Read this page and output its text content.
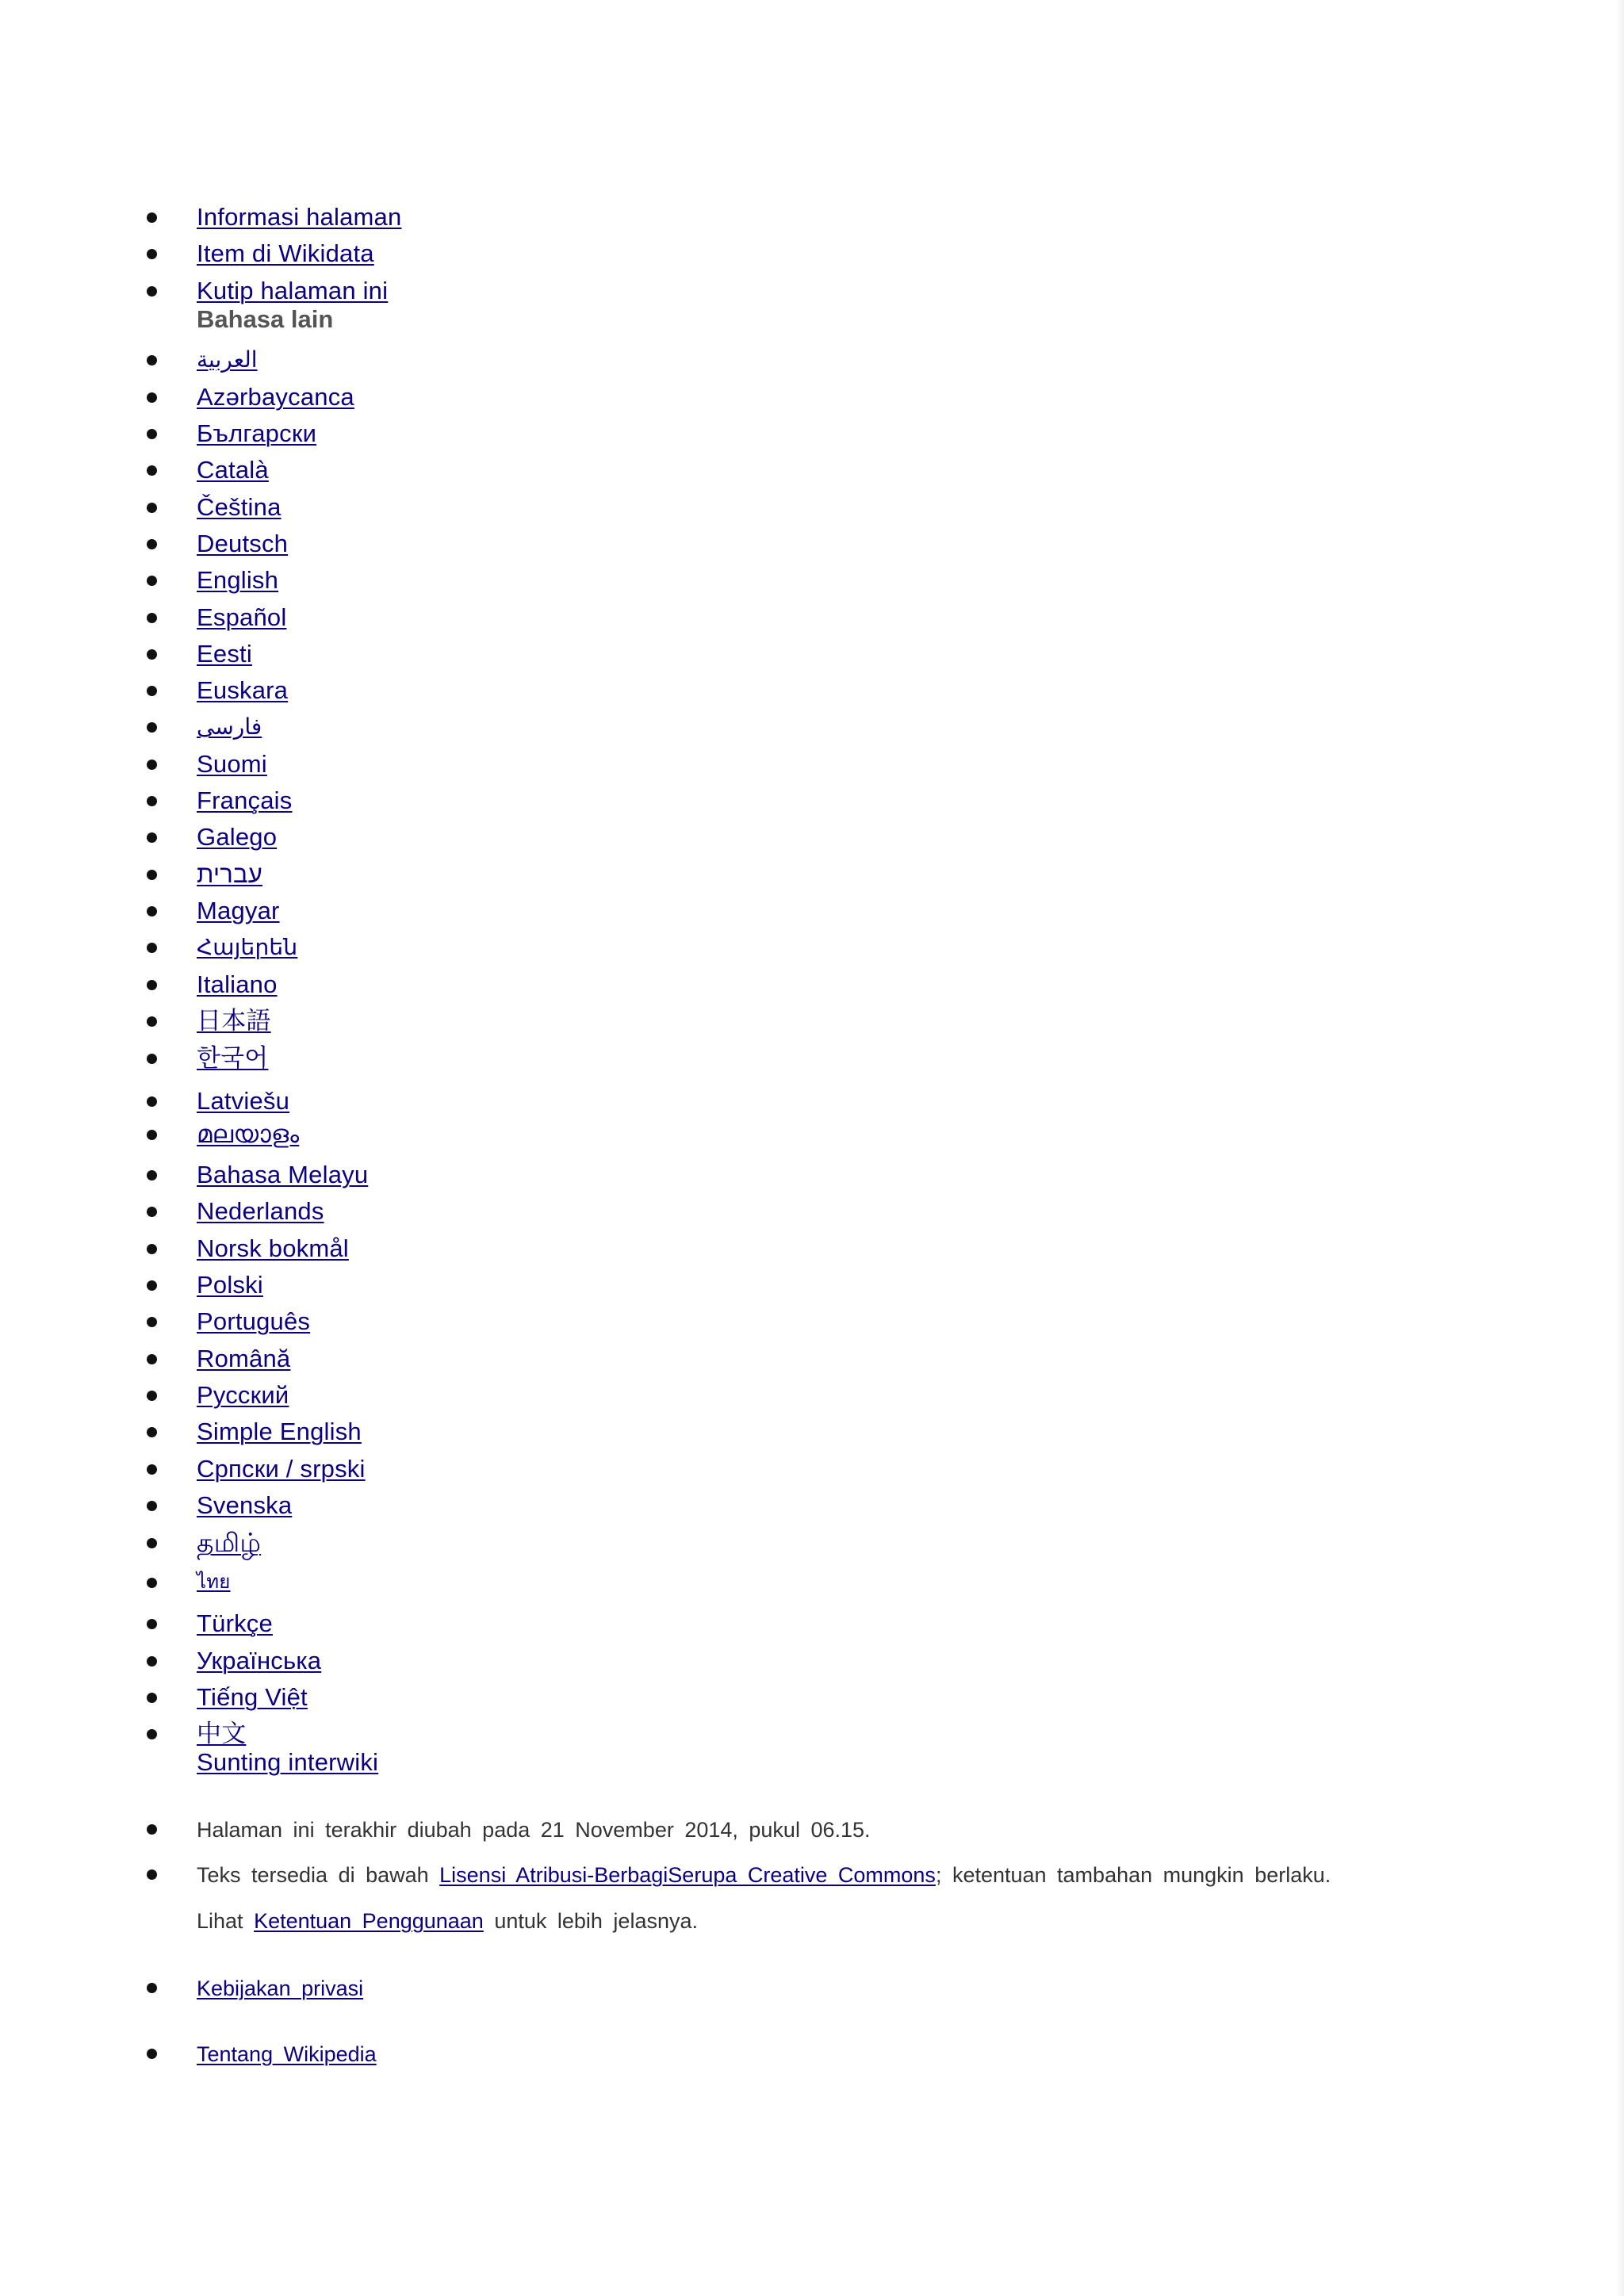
Informasi halaman
Item di Wikidata
Kutip halaman ini
Bahasa lain
العربية
Azərbaycanca
Български
Català
Čeština
Deutsch
English
Español
Eesti
Euskara
فارسی
Suomi
Français
Galego
עברית
Magyar
Հայերեն
Italiano
日本語
한국어
Latviešu
മലയാളം
Bahasa Melayu
Nederlands
Norsk bokmål
Polski
Português
Română
Русский
Simple English
Српски / srpski
Svenska
தமிழ்
ไทย
Türkçe
Українська
Tiếng Việt
中文
Sunting interwiki
Halaman ini terakhir diubah pada 21 November 2014, pukul 06.15.
Teks tersedia di bawah Lisensi Atribusi-BerbagiSerupa Creative Commons; ketentuan tambahan mungkin berlaku.
Lihat Ketentuan Penggunaan untuk lebih jelasnya.
Kebijakan privasi
Tentang Wikipedia
